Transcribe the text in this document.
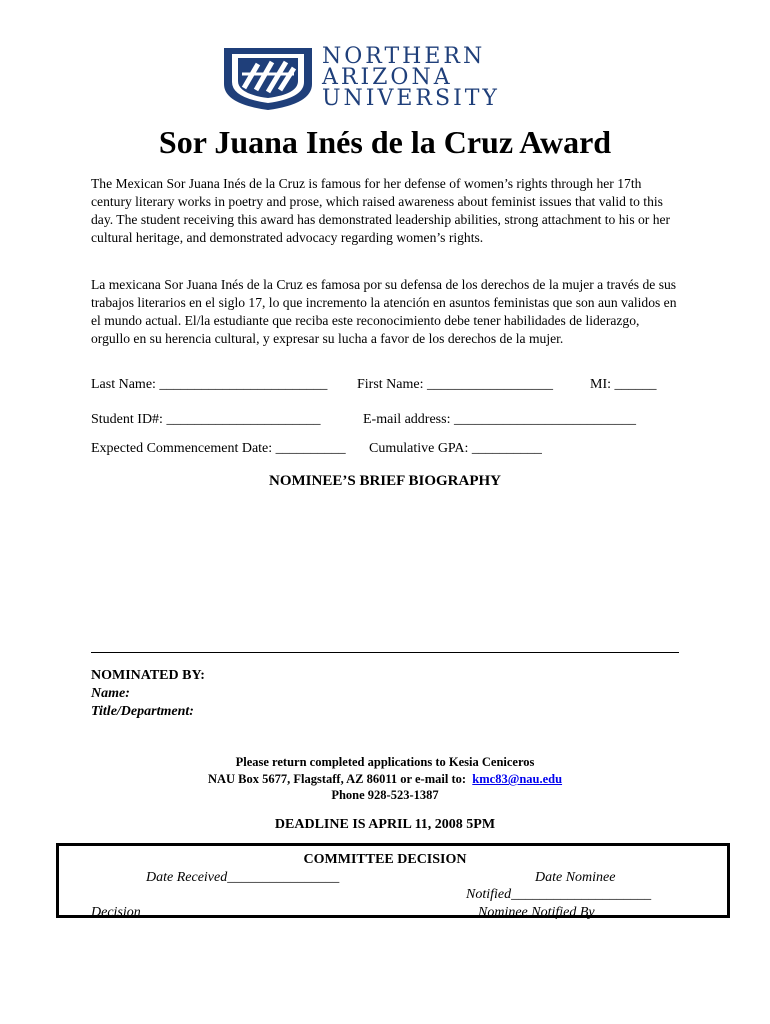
NORTHERN
ARIZONA
UNIVERSITY
Sor Juana Inés de la Cruz Award
The Mexican Sor Juana Inés de la Cruz is famous for her defense of women’s rights through her 17th century literary works in poetry and prose, which raised awareness about feminist issues that valid to this day. The student receiving this award has demonstrated leadership abilities, strong attachment to his or her cultural heritage, and demonstrated advocacy regarding women’s rights.
La mexicana Sor Juana Inés de la Cruz es famosa por su defensa de los derechos de la mujer a través de sus trabajos literarios en el siglo 17, lo que incremento la atención en asuntos feministas que son aun validos en el mundo actual. El/la estudiante que reciba este reconocimiento debe tener habilidades de liderazgo, orgullo en su herencia cultural, y expresar su lucha a favor de los derechos de la mujer.
Last Name: ________________________ First Name: __________________	MI: ______
Student ID#: ______________________	E-mail address: __________________________
Expected Commencement Date: __________ Cumulative GPA: __________
NOMINEE’S BRIEF BIOGRAPHY
NOMINATED BY:
Name:
Title/Department:
Please return completed applications to Kesia Ceniceros
NAU Box 5677, Flagstaff, AZ 86011 or e-mail to: kmc83@nau.edu
Phone 928-523-1387
DEADLINE IS APRIL 11, 2008 5PM
COMMITTEE DECISION
Date Received________________	Date Nominee
Notified____________________
Decision____________________	Nominee Notified By__________
